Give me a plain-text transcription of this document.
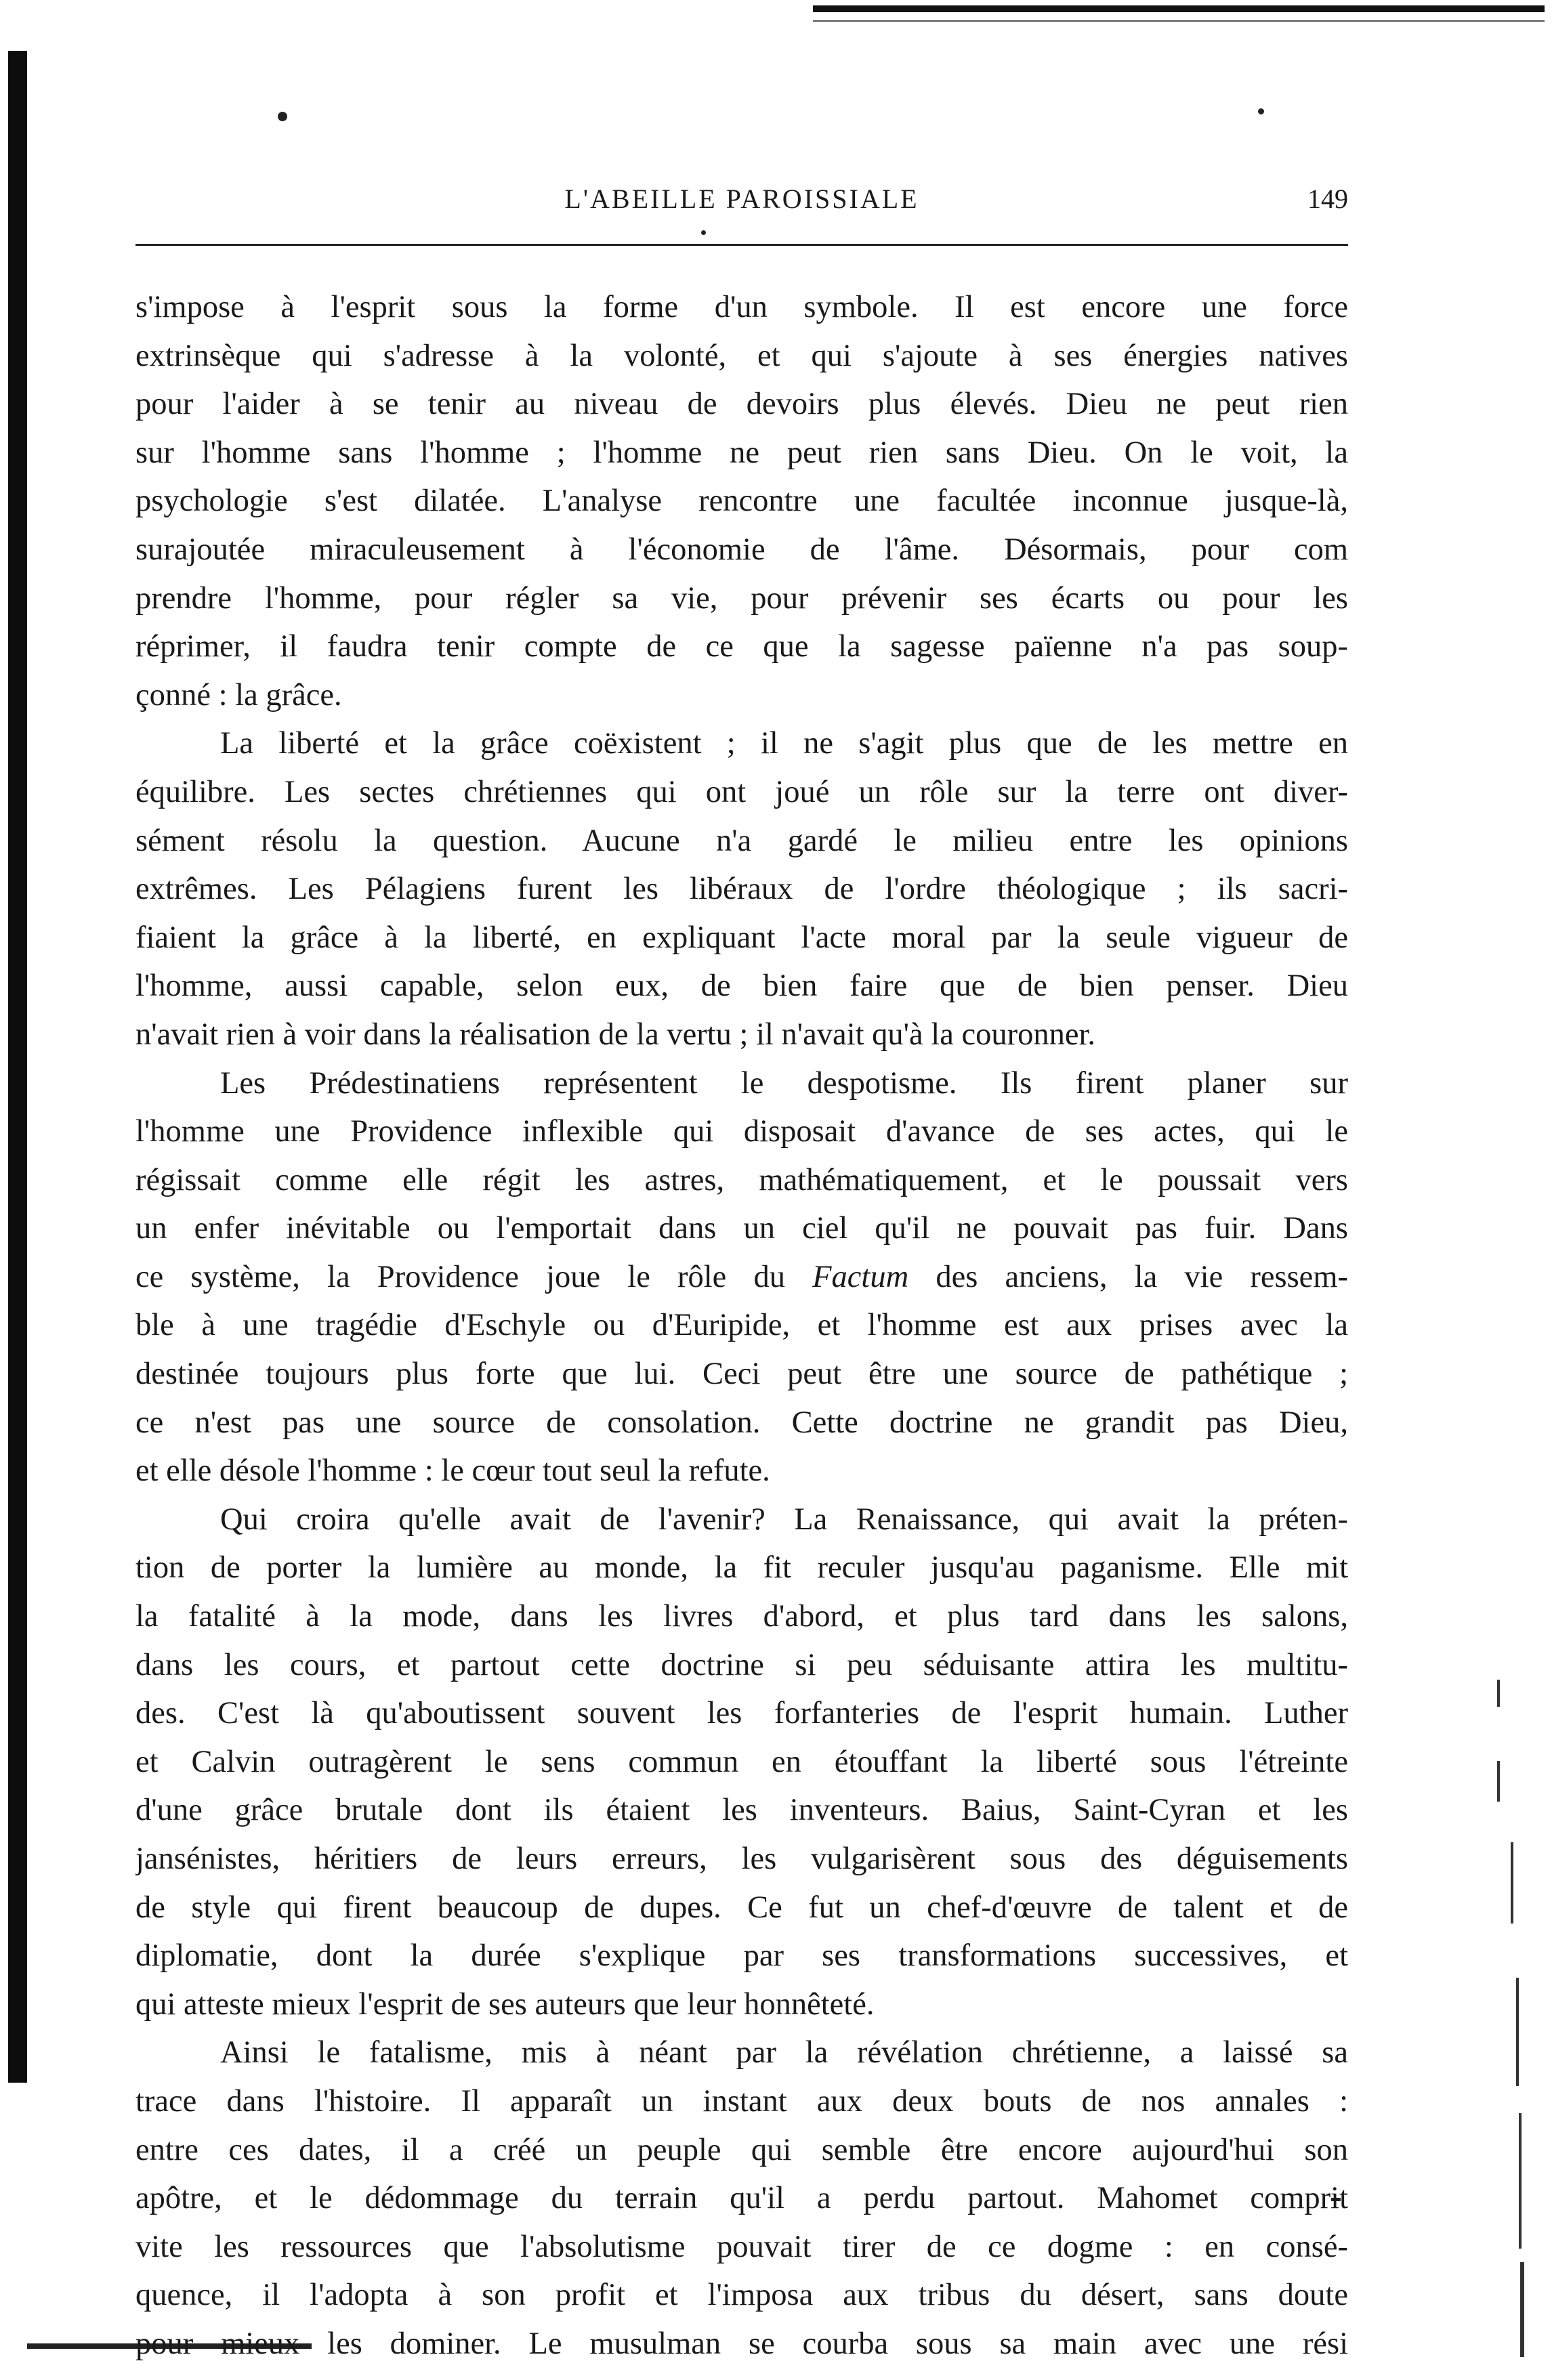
L'ABEILLE PAROISSIALE	149
s'impose à l'esprit sous la forme d'un symbole. Il est encore une force
extrinsèque qui s'adresse à la volonté, et qui s'ajoute à ses énergies natives
pour l'aider à se tenir au niveau de devoirs plus élevés. Dieu ne peut rien
sur l'homme sans l'homme ; l'homme ne peut rien sans Dieu. On le voit, la
psychologie s'est dilatée. L'analyse rencontre une facultée inconnue jusque-là,
surajoutée miraculeusement à l'économie de l'âme. Désormais, pour com
prendre l'homme, pour régler sa vie, pour prévenir ses écarts ou pour les
réprimer, il faudra tenir compte de ce que la sagesse païenne n'a pas soup-
çonné : la grâce.
La liberté et la grâce coëxistent ; il ne s'agit plus que de les mettre en
équilibre. Les sectes chrétiennes qui ont joué un rôle sur la terre ont diver-
sément résolu la question. Aucune n'a gardé le milieu entre les opinions
extrêmes. Les Pélagiens furent les libéraux de l'ordre théologique ; ils sacri-
fiaient la grâce à la liberté, en expliquant l'acte moral par la seule vigueur de
l'homme, aussi capable, selon eux, de bien faire que de bien penser. Dieu
n'avait rien à voir dans la réalisation de la vertu ; il n'avait qu'à la couronner.
Les Prédestinatiens représentent le despotisme. Ils firent planer sur
l'homme une Providence inflexible qui disposait d'avance de ses actes, qui le
régissait comme elle régit les astres, mathématiquement, et le poussait vers
un enfer inévitable ou l'emportait dans un ciel qu'il ne pouvait pas fuir. Dans
ce système, la Providence joue le rôle du Factum des anciens, la vie ressem-
ble à une tragédie d'Eschyle ou d'Euripide, et l'homme est aux prises avec la
destinée toujours plus forte que lui. Ceci peut être une source de pathétique ;
ce n'est pas une source de consolation. Cette doctrine ne grandit pas Dieu,
et elle désole l'homme : le cœur tout seul la refute.
Qui croira qu'elle avait de l'avenir? La Renaissance, qui avait la préten-
tion de porter la lumière au monde, la fit reculer jusqu'au paganisme. Elle mit
la fatalité à la mode, dans les livres d'abord, et plus tard dans les salons,
dans les cours, et partout cette doctrine si peu séduisante attira les multitu-
des. C'est là qu'aboutissent souvent les forfanteries de l'esprit humain. Luther
et Calvin outragèrent le sens commun en étouffant la liberté sous l'étreinte
d'une grâce brutale dont ils étaient les inventeurs. Baius, Saint-Cyran et les
jansénistes, héritiers de leurs erreurs, les vulgarisèrent sous des déguisements
de style qui firent beaucoup de dupes. Ce fut un chef-d'œuvre de talent et de
diplomatie, dont la durée s'explique par ses transformations successives, et
qui atteste mieux l'esprit de ses auteurs que leur honnêteté.
Ainsi le fatalisme, mis à néant par la révélation chrétienne, a laissé sa
trace dans l'histoire. Il apparaît un instant aux deux bouts de nos annales :
entre ces dates, il a créé un peuple qui semble être encore aujourd'hui son
apôtre, et le dédommage du terrain qu'il a perdu partout. Mahomet comprit
vite les ressources que l'absolutisme pouvait tirer de ce dogme : en consé-
quence, il l'adopta à son profit et l'imposa aux tribus du désert, sans doute
pour mieux les dominer. Le musulman se courba sous sa main avec une rési
